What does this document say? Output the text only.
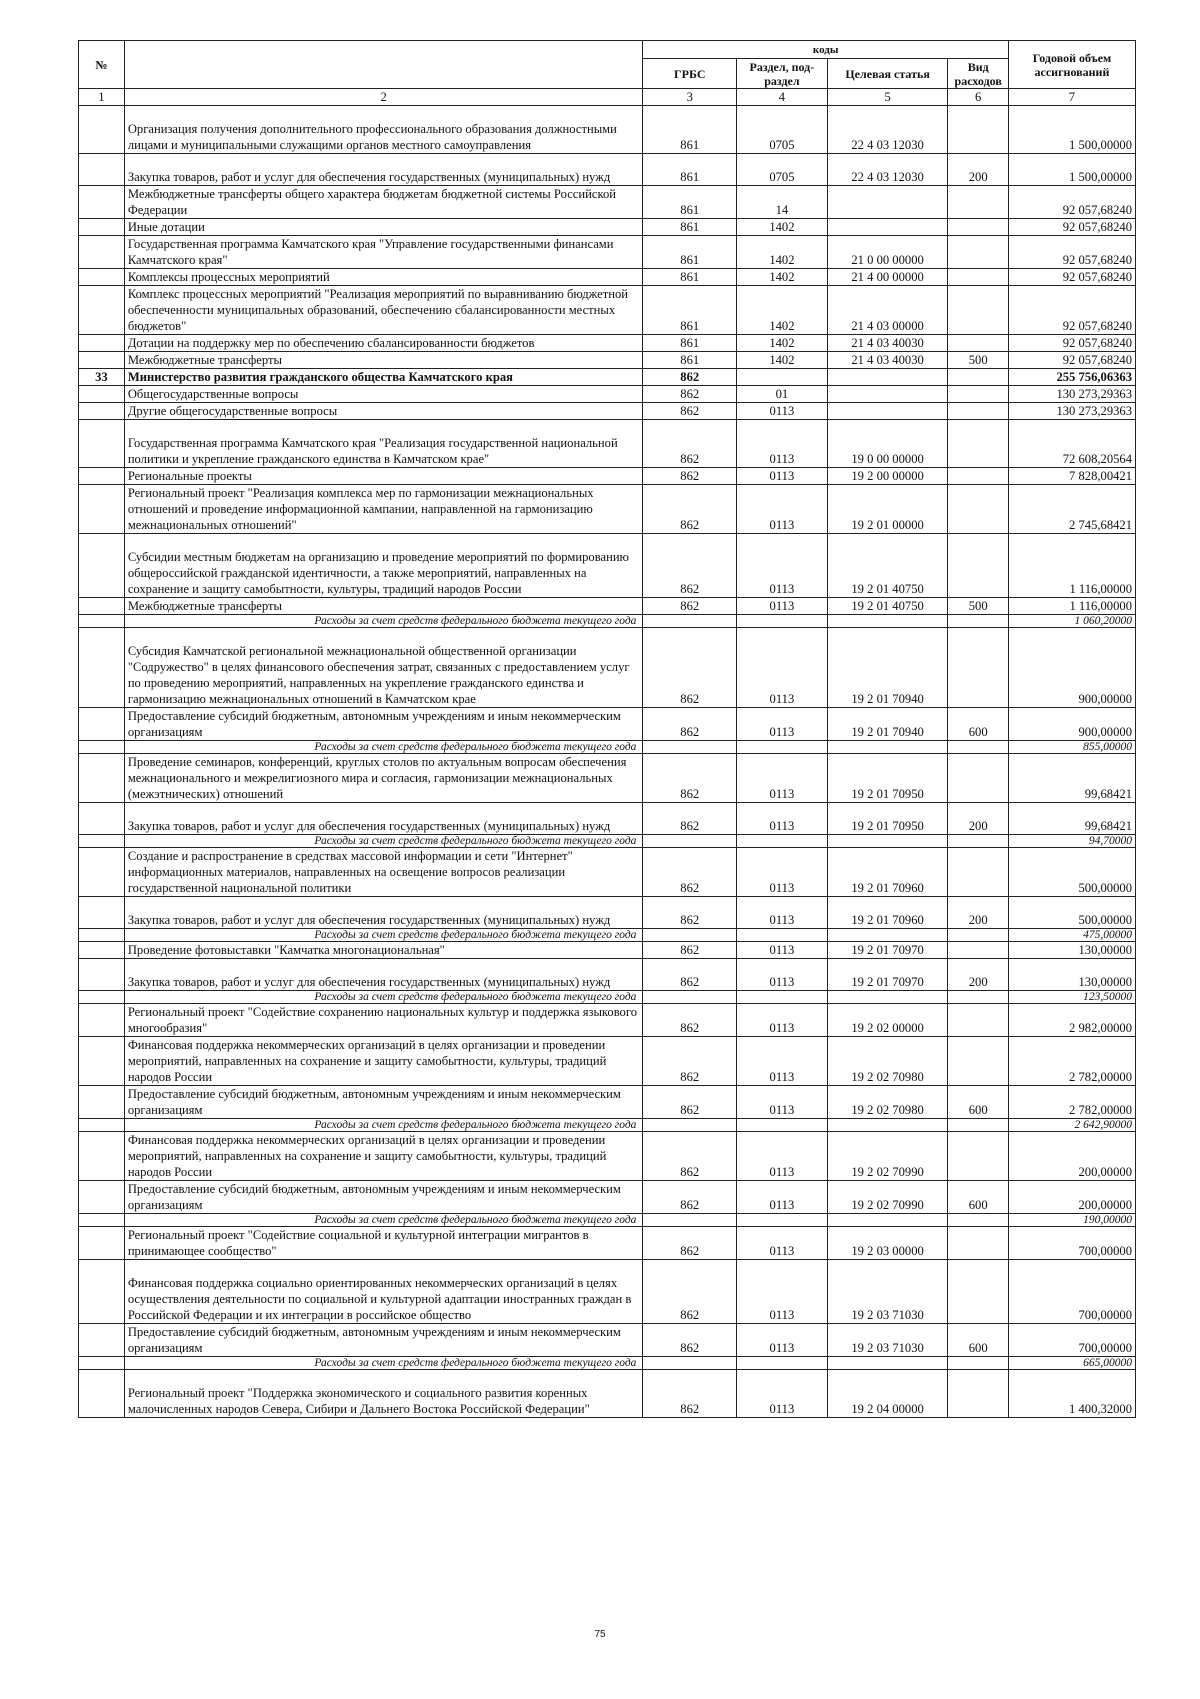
№		коды				Годовой объем ассигнований
		ГРБС	Раздел, под-раздел	Целевая статья	Вид расходов	
1	2	3	4	5	6	7
	Организация получения дополнительного профессионального образования должностными лицами и муниципальными служащими органов местного самоуправления	861	0705	22 4 03 12030		1 500,00000
	Закупка товаров, работ и услуг для обеспечения государственных (муниципальных) нужд	861	0705	22 4 03 12030	200	1 500,00000
	Межбюджетные трансферты общего характера бюджетам бюджетной системы Российской Федерации	861	14			92 057,68240
	Иные дотации	861	1402			92 057,68240
	Государственная программа Камчатского края "Управление государственными финансами Камчатского края"	861	1402	21 0 00 00000		92 057,68240
	Комплексы процессных мероприятий	861	1402	21 4 00 00000		92 057,68240
	Комплекс процессных мероприятий "Реализация мероприятий по выравниванию бюджетной обеспеченности муниципальных образований, обеспечению сбалансированности местных бюджетов"	861	1402	21 4 03 00000		92 057,68240
	Дотации на поддержку мер по обеспечению сбалансированности бюджетов	861	1402	21 4 03 40030		92 057,68240
	Межбюджетные трансферты	861	1402	21 4 03 40030	500	92 057,68240
33	Министерство развития гражданского общества Камчатского края	862				255 756,06363
	Общегосударственные вопросы	862	01			130 273,29363
	Другие общегосударственные вопросы	862	0113			130 273,29363
	Государственная программа Камчатского края "Реализация государственной национальной политики и укрепление гражданского единства в Камчатском крае"	862	0113	19 0 00 00000		72 608,20564
	Региональные проекты	862	0113	19 2 00 00000		7 828,00421
	Региональный проект "Реализация комплекса мер по гармонизации межнациональных отношений и проведение информационной кампании, направленной на гармонизацию межнациональных отношений"	862	0113	19 2 01 00000		2 745,68421
	Субсидии местным бюджетам на организацию и проведение мероприятий по формированию общероссийской гражданской идентичности, а также мероприятий, направленных на сохранение и защиту самобытности, культуры, традиций народов России	862	0113	19 2 01 40750		1 116,00000
	Межбюджетные трансферты	862	0113	19 2 01 40750	500	1 116,00000
	Расходы за счет средств федерального бюджета текущего года					1 060,20000
	Субсидия Камчатской региональной межнациональной общественной организации "Содружество" в целях финансового обеспечения затрат, связанных с предоставлением услуг по проведению мероприятий, направленных на укрепление гражданского единства и гармонизацию межнациональных отношений в Камчатском крае	862	0113	19 2 01 70940		900,00000
	Предоставление субсидий бюджетным, автономным учреждениям и иным некоммерческим организациям	862	0113	19 2 01 70940	600	900,00000
	Расходы за счет средств федерального бюджета текущего года					855,00000
	Проведение семинаров, конференций, круглых столов по актуальным вопросам обеспечения межнационального и межрелигиозного мира и согласия, гармонизации межнациональных (межэтнических) отношений	862	0113	19 2 01 70950		99,68421
	Закупка товаров, работ и услуг для обеспечения государственных (муниципальных) нужд	862	0113	19 2 01 70950	200	99,68421
	Расходы за счет средств федерального бюджета текущего года					94,70000
	Создание и распространение в средствах массовой информации и сети "Интернет" информационных материалов, направленных на освещение вопросов реализации государственной национальной политики	862	0113	19 2 01 70960		500,00000
	Закупка товаров, работ и услуг для обеспечения государственных (муниципальных) нужд	862	0113	19 2 01 70960	200	500,00000
	Расходы за счет средств федерального бюджета текущего года					475,00000
	Проведение фотовыставки "Камчатка многонациональная"	862	0113	19 2 01 70970		130,00000
	Закупка товаров, работ и услуг для обеспечения государственных (муниципальных) нужд	862	0113	19 2 01 70970	200	130,00000
	Расходы за счет средств федерального бюджета текущего года					123,50000
	Региональный проект "Содействие сохранению национальных культур и поддержка языкового многообразия"	862	0113	19 2 02 00000		2 982,00000
	Финансовая поддержка некоммерческих организаций в целях организации и проведении мероприятий, направленных на сохранение и защиту самобытности, культуры, традиций народов России	862	0113	19 2 02 70980		2 782,00000
	Предоставление субсидий бюджетным, автономным учреждениям и иным некоммерческим организациям	862	0113	19 2 02 70980	600	2 782,00000
	Расходы за счет средств федерального бюджета текущего года					2 642,90000
	Финансовая поддержка некоммерческих организаций в целях организации и проведении мероприятий, направленных на сохранение и защиту самобытности, культуры, традиций народов России	862	0113	19 2 02 70990		200,00000
	Предоставление субсидий бюджетным, автономным учреждениям и иным некоммерческим организациям	862	0113	19 2 02 70990	600	200,00000
	Расходы за счет средств федерального бюджета текущего года					190,00000
	Региональный проект "Содействие социальной и культурной интеграции мигрантов в принимающее сообщество"	862	0113	19 2 03 00000		700,00000
	Финансовая поддержка социально ориентированных некоммерческих организаций в целях осуществления деятельности по социальной и культурной адаптации иностранных граждан в Российской Федерации и их интеграции в российское общество	862	0113	19 2 03 71030		700,00000
	Предоставление субсидий бюджетным, автономным учреждениям и иным некоммерческим организациям	862	0113	19 2 03 71030	600	700,00000
	Расходы за счет средств федерального бюджета текущего года					665,00000
	Региональный проект "Поддержка экономического и социального развития коренных малочисленных народов Севера, Сибири и Дальнего Востока Российской Федерации"	862	0113	19 2 04 00000		1 400,32000
75
